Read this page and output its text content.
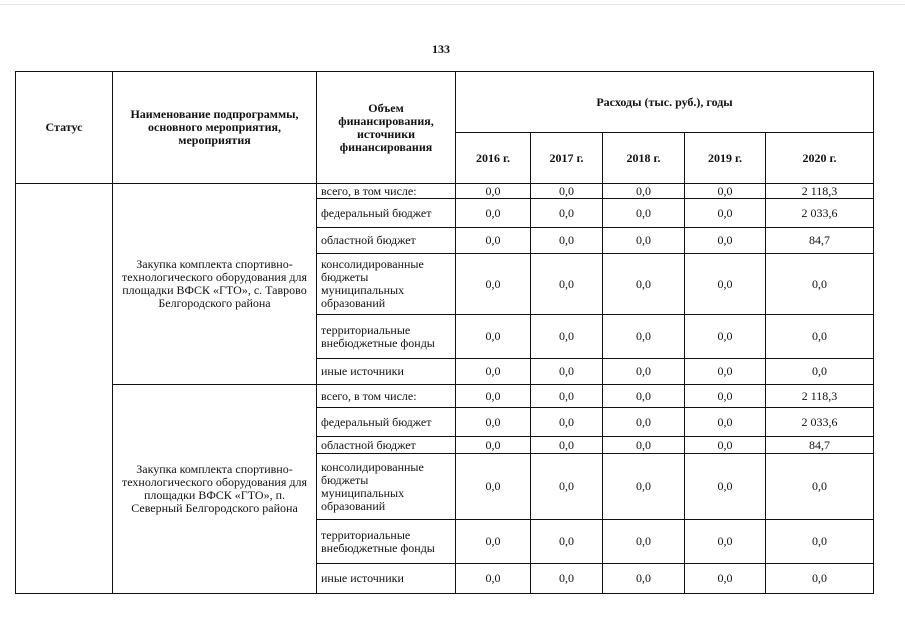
133
Статус	Наименование подпрограммы, основного мероприятия, мероприятия	Объем финансирования, источники финансирования	Расходы (тыс. руб.), годы				
			2016 г.	2017 г.	2018 г.	2019 г.	2020 г.
	Закупка комплекта спортивно-технологического оборудования для площадки ВФСК «ГТО», с. Таврово Белгородского района	всего, в том числе:	0,0	0,0	0,0	0,0	2 118,3
		федеральный бюджет	0,0	0,0	0,0	0,0	2 033,6
		областной бюджет	0,0	0,0	0,0	0,0	84,7
		консолидированные бюджеты муниципальных образований	0,0	0,0	0,0	0,0	0,0
		территориальные внебюджетные фонды	0,0	0,0	0,0	0,0	0,0
		иные источники	0,0	0,0	0,0	0,0	0,0
	Закупка комплекта спортивно-технологического оборудования для площадки ВФСК «ГТО», п. Северный Белгородского района	всего, в том числе:	0,0	0,0	0,0	0,0	2 118,3
		федеральный бюджет	0,0	0,0	0,0	0,0	2 033,6
		областной бюджет	0,0	0,0	0,0	0,0	84,7
		консолидированные бюджеты муниципальных образований	0,0	0,0	0,0	0,0	0,0
		территориальные внебюджетные фонды	0,0	0,0	0,0	0,0	0,0
		иные источники	0,0	0,0	0,0	0,0	0,0
